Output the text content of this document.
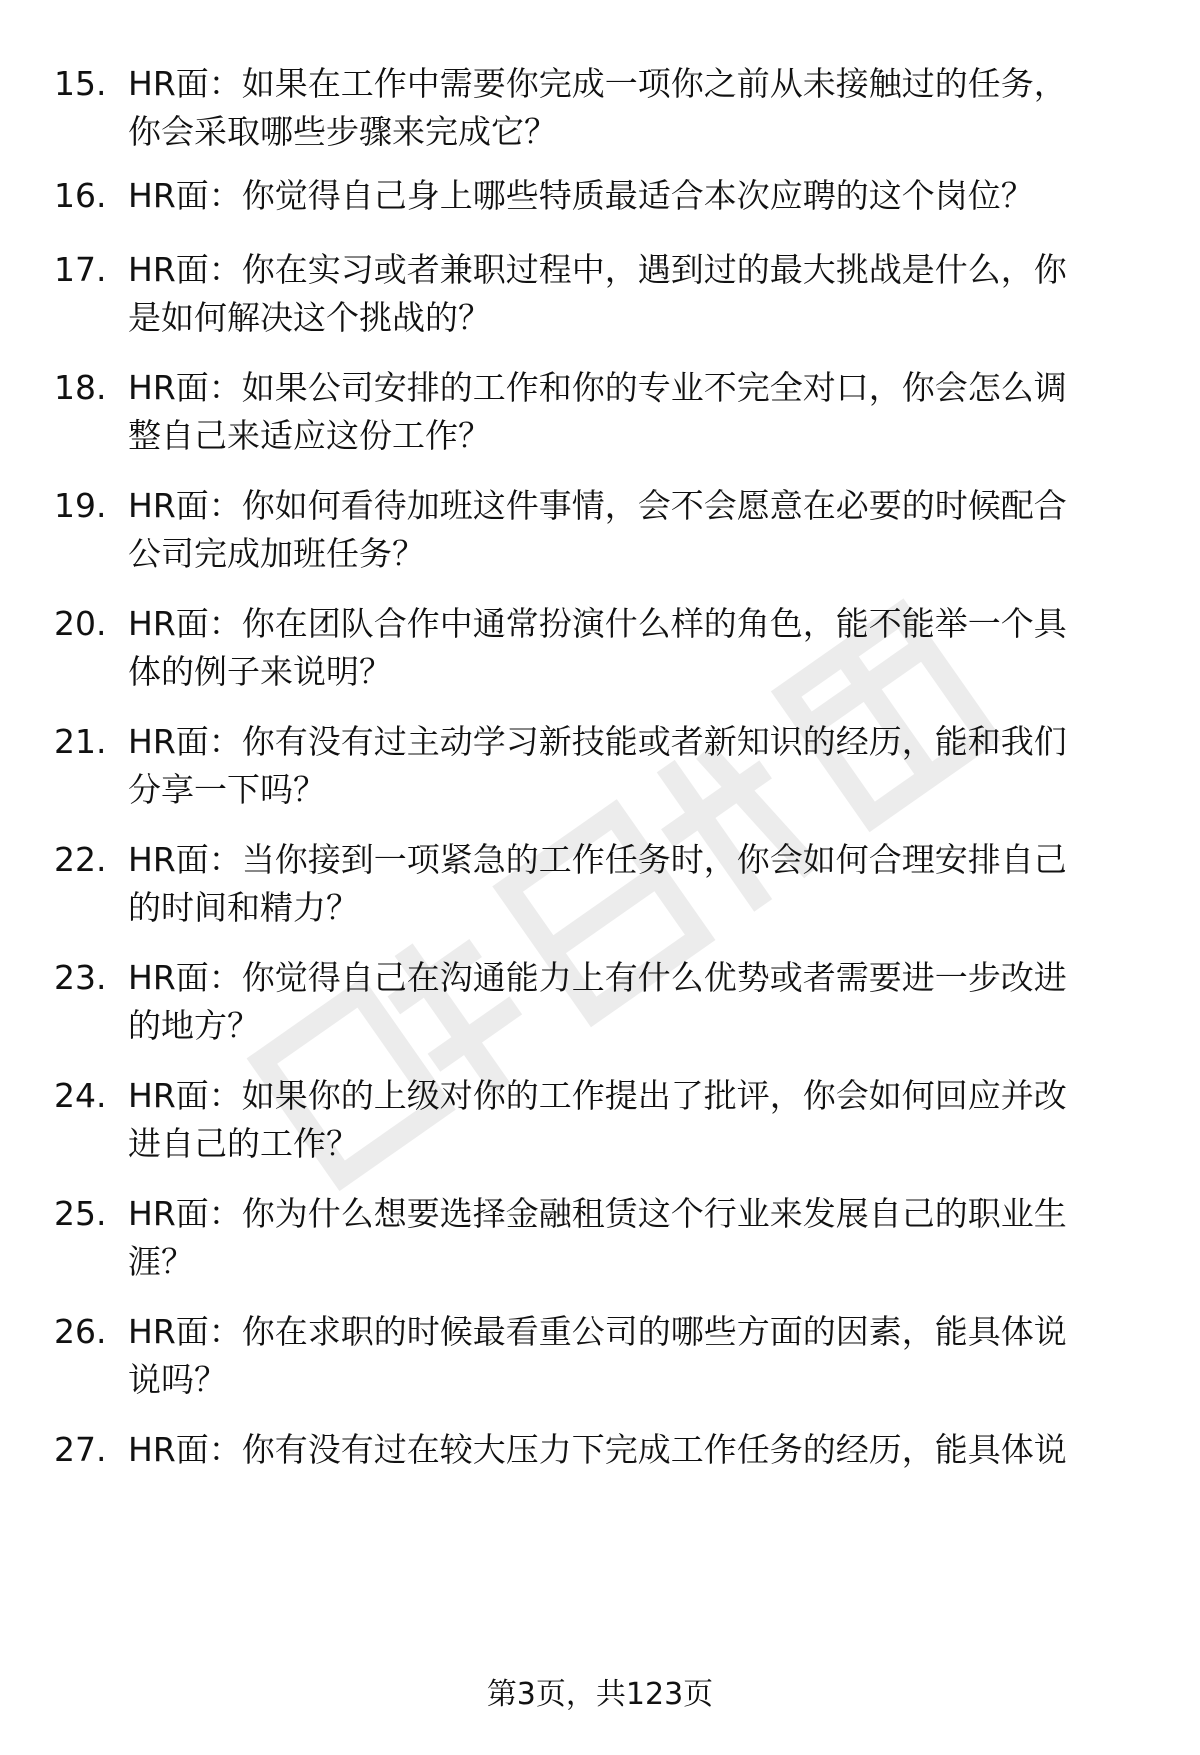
15. HR面：如果在工作中需要你完成一项你之前从未接触过的任务，
你会采取哪些步骤来完成它？
16. HR面：你觉得自己身上哪些特质最适合本次应聘的这个岗位？
17. HR面：你在实习或者兼职过程中，遇到过的最大挑战是什么，你
是如何解决这个挑战的？
18. HR面：如果公司安排的工作和你的专业不完全对口，你会怎么调
整自己来适应这份工作？
19. HR面：你如何看待加班这件事情，会不会愿意在必要的时候配合
公司完成加班任务？
20. HR面：你在团队合作中通常扮演什么样的角色，能不能举一个具
体的例子来说明？
21. HR面：你有没有过主动学习新技能或者新知识的经历，能和我们
分享一下吗？
22. HR面：当你接到一项紧急的工作任务时，你会如何合理安排自己
的时间和精力？
23. HR面：你觉得自己在沟通能力上有什么优势或者需要进一步改进
的地方？
24. HR面：如果你的上级对你的工作提出了批评，你会如何回应并改
进自己的工作？
25. HR面：你为什么想要选择金融租赁这个行业来发展自己的职业生
涯？
26. HR面：你在求职的时候最看重公司的哪些方面的因素，能具体说
说吗？
27. HR面：你有没有过在较大压力下完成工作任务的经历，能具体说
第3页，共123页
